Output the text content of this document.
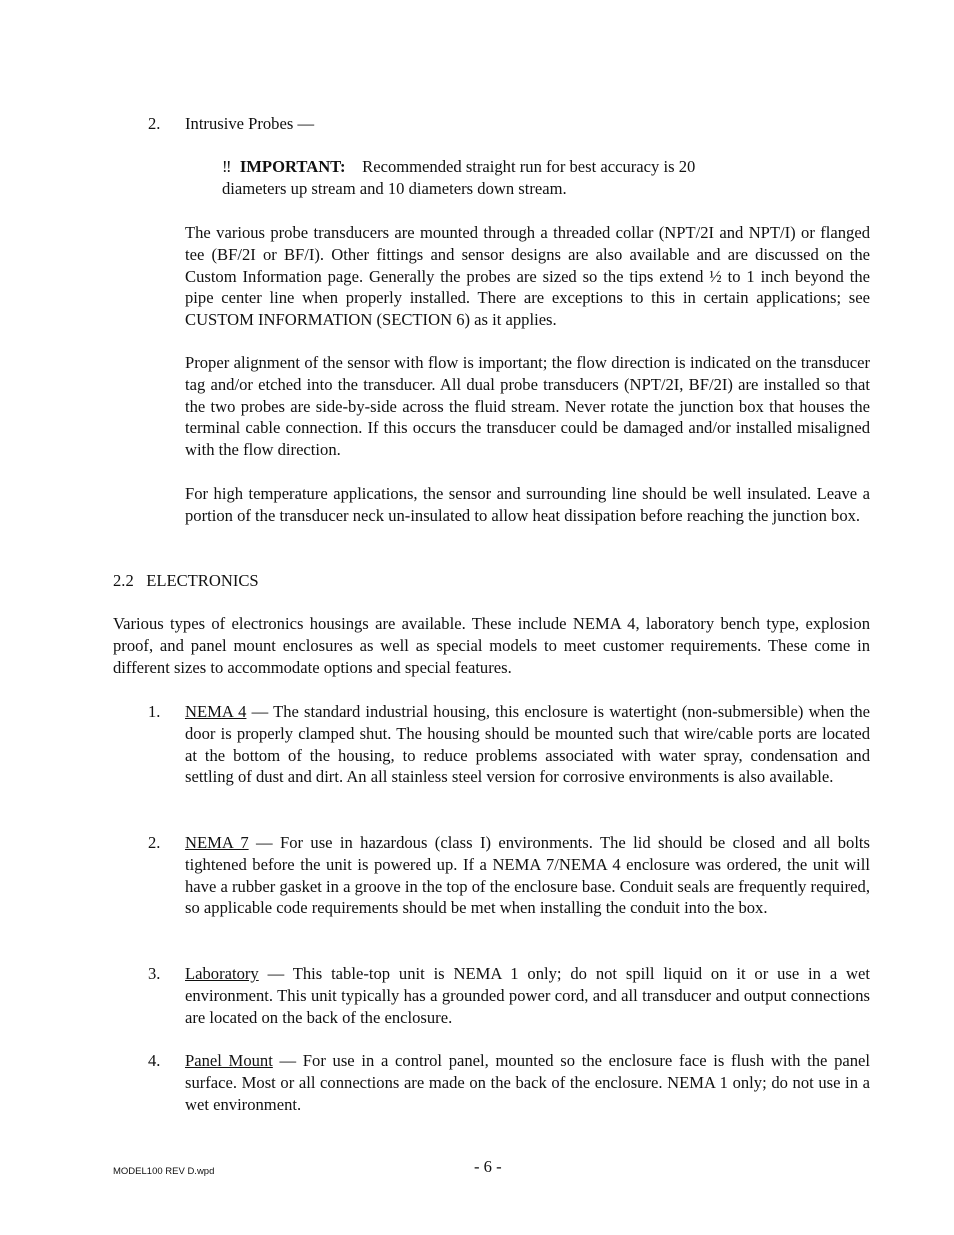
2. Intrusive Probes —
‼ IMPORTANT: Recommended straight run for best accuracy is 20
diameters up stream and 10 diameters down stream.

The various probe transducers are mounted through a threaded collar (NPT/2I and NPT/I) or flanged tee (BF/2I or BF/I). Other fittings and sensor designs are also available and are discussed on the Custom Information page. Generally the probes are sized so the tips extend ½ to 1 inch beyond the pipe center line when properly installed. There are exceptions to this in certain applications; see CUSTOM INFORMATION (SECTION 6) as it applies.

Proper alignment of the sensor with flow is important; the flow direction is indicated on the transducer tag and/or etched into the transducer. All dual probe transducers (NPT/2I, BF/2I) are installed so that the two probes are side-by-side across the fluid stream. Never rotate the junction box that houses the terminal cable connection. If this occurs the transducer could be damaged and/or installed misaligned with the flow direction.

For high temperature applications, the sensor and surrounding line should be well insulated. Leave a portion of the transducer neck un-insulated to allow heat dissipation before reaching the junction box.

2.2   ELECTRONICS

Various types of electronics housings are available. These include NEMA 4, laboratory bench type, explosion proof, and panel mount enclosures as well as special models to meet customer requirements. These come in different sizes to accommodate options and special features.

1. NEMA 4 — The standard industrial housing, this enclosure is watertight (non-submersible) when the door is properly clamped shut. The housing should be mounted such that wire/cable ports are located at the bottom of the housing, to reduce problems associated with water spray, condensation and settling of dust and dirt. An all stainless steel version for corrosive environments is also available.

2. NEMA 7 — For use in hazardous (class I) environments. The lid should be closed and all bolts tightened before the unit is powered up. If a NEMA 7/NEMA 4 enclosure was ordered, the unit will have a rubber gasket in a groove in the top of the enclosure base. Conduit seals are frequently required, so applicable code requirements should be met when installing the conduit into the box.

3. Laboratory — This table-top unit is NEMA 1 only; do not spill liquid on it or use in a wet environment. This unit typically has a grounded power cord, and all transducer and output connections are located on the back of the enclosure.

4. Panel Mount — For use in a control panel, mounted so the enclosure face is flush with the panel surface. Most or all connections are made on the back of the enclosure. NEMA 1 only; do not use in a wet environment.

MODEL100 REV D.wpd	- 6 -
